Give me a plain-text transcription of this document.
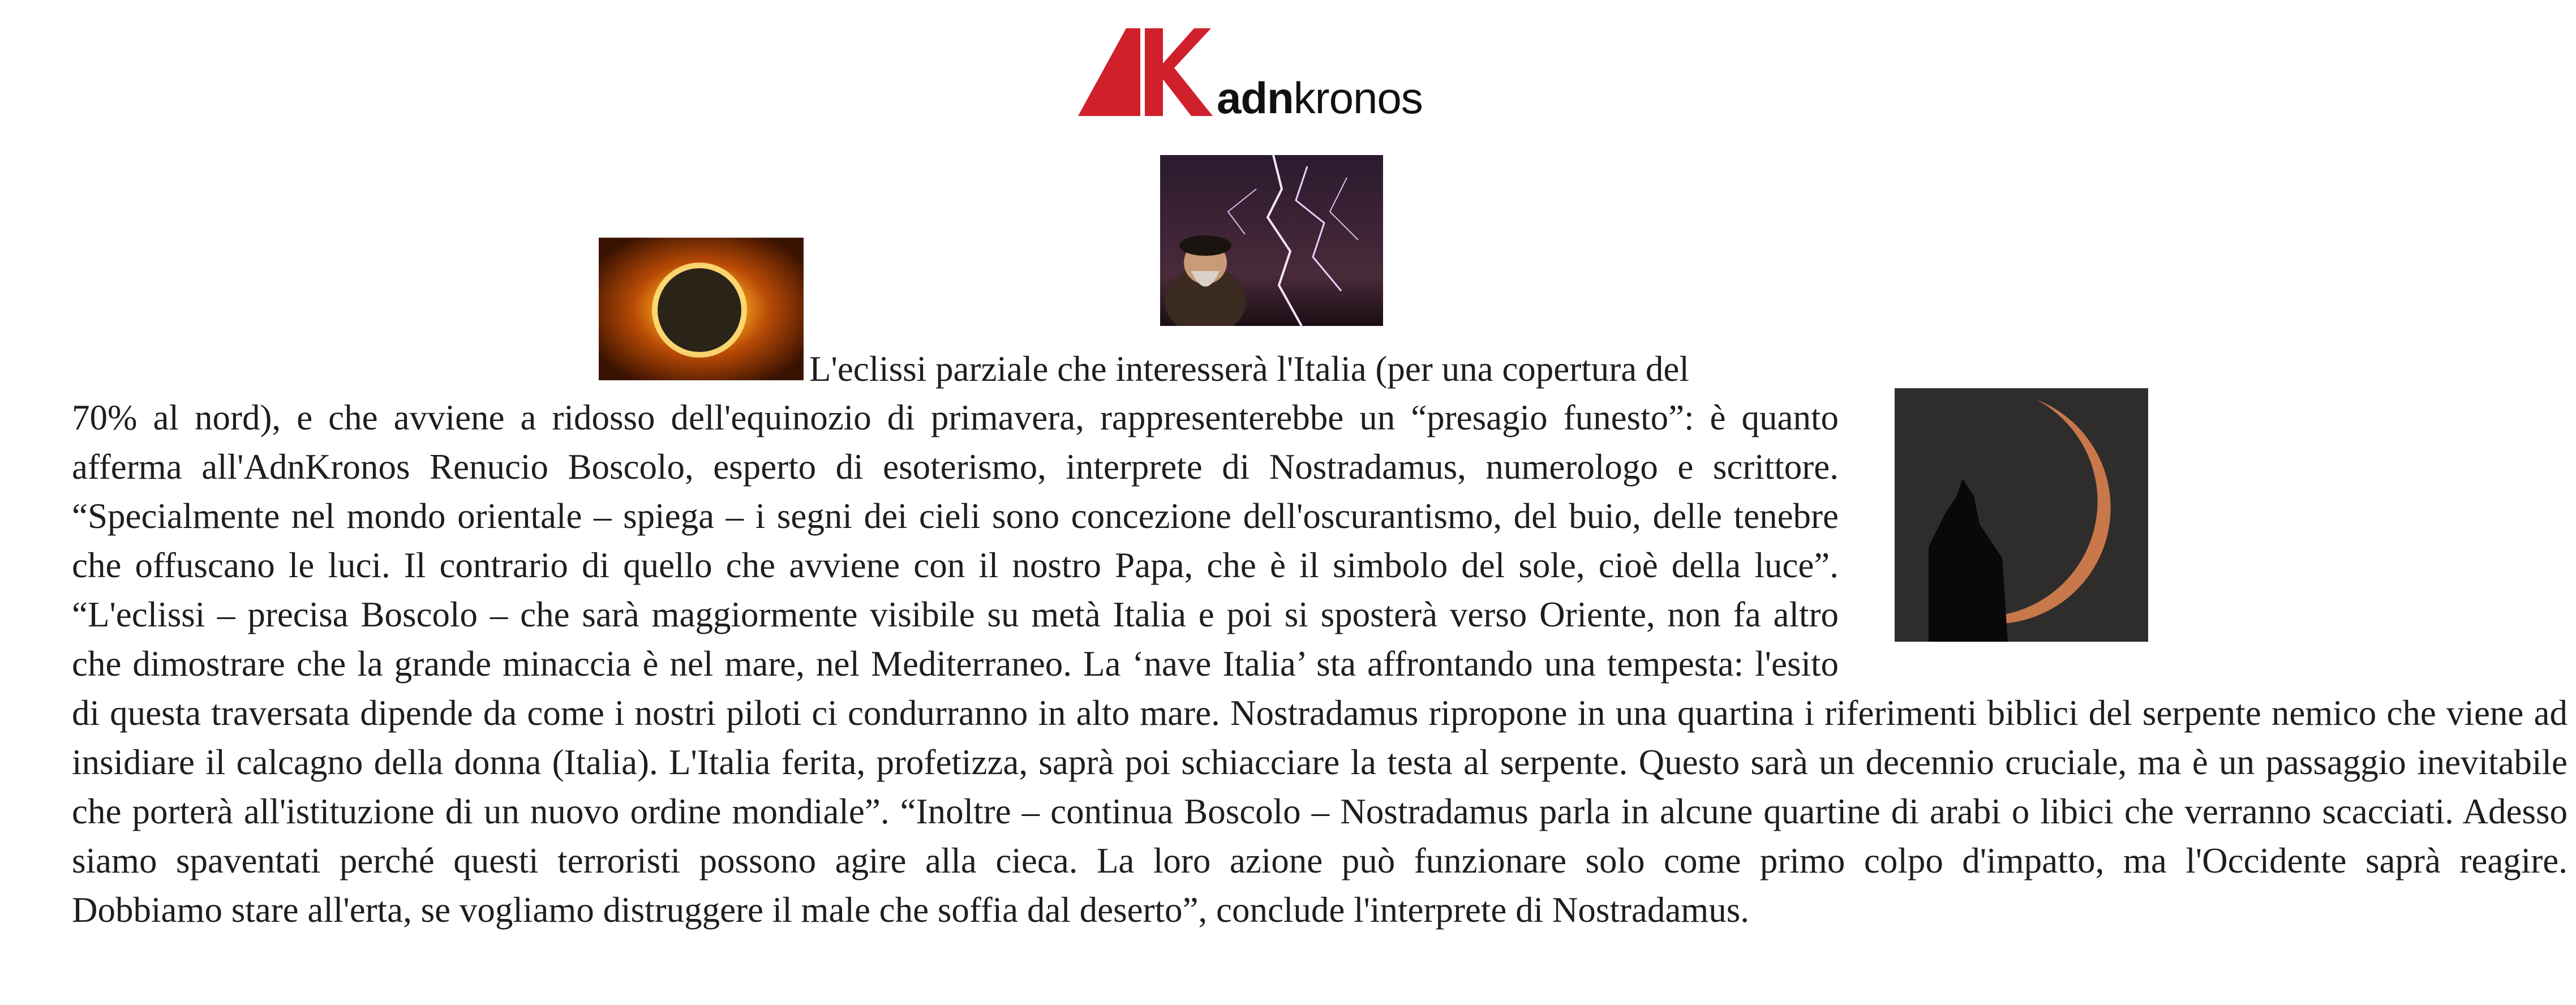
adnkronos
L'eclissi parziale che interesserà l'Italia (per una copertura del
70% al nord), e che avviene a ridosso dell'equinozio di primavera, rappresenterebbe un “presagio funesto”: è quanto
afferma all'AdnKronos Renucio Boscolo, esperto di esoterismo, interprete di Nostradamus, numerologo e scrittore.
“Specialmente nel mondo orientale – spiega – i segni dei cieli sono concezione dell'oscurantismo, del buio, delle tenebre
che offuscano le luci. Il contrario di quello che avviene con il nostro Papa, che è il simbolo del sole, cioè della luce”.
“L'eclissi – precisa Boscolo – che sarà maggiormente visibile su metà Italia e poi si sposterà verso Oriente, non fa altro
che dimostrare che la grande minaccia è nel mare, nel Mediterraneo. La ‘nave Italia’ sta affrontando una tempesta: l'esito
di questa traversata dipende da come i nostri piloti ci condurranno in alto mare. Nostradamus ripropone in una quartina i riferimenti biblici del serpente nemico che viene ad
insidiare il calcagno della donna (Italia). L'Italia ferita, profetizza, saprà poi schiacciare la testa al serpente. Questo sarà un decennio cruciale, ma è un passaggio inevitabile
che porterà all'istituzione di un nuovo ordine mondiale”. “Inoltre – continua Boscolo – Nostradamus parla in alcune quartine di arabi o libici che verranno scacciati. Adesso
siamo spaventati perché questi terroristi possono agire alla cieca. La loro azione può funzionare solo come primo colpo d'impatto, ma l'Occidente saprà reagire.
Dobbiamo stare all'erta, se vogliamo distruggere il male che soffia dal deserto”, conclude l'interprete di Nostradamus.
